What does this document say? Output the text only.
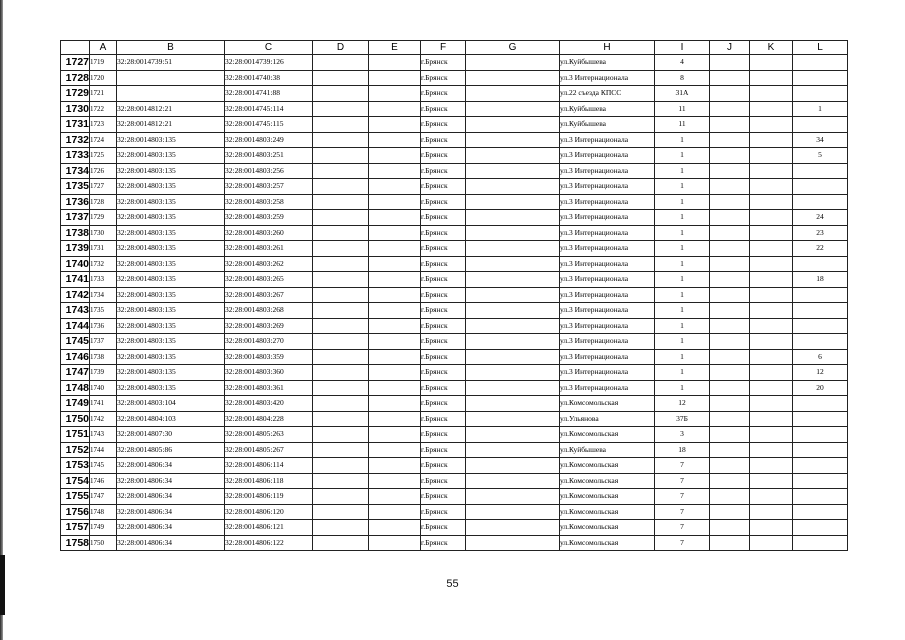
	A	B	C	D	E	F	G	H	I	J	K	L
1727	1719	32:28:0014739:51	32:28:0014739:126			г.Брянск		ул.Куйбышева	4			
1728	1720		32:28:0014740:38			г.Брянск		ул.3 Интернационала	8			
1729	1721		32:28:0014741:88			г.Брянск		ул.22 съезда КПСС	31А			
1730	1722	32:28:0014812:21	32:28:0014745:114			г.Брянск		ул.Куйбышева	11			1
1731	1723	32:28:0014812:21	32:28:0014745:115			г.Брянск		ул.Куйбышева	11			
1732	1724	32:28:0014803:135	32:28:0014803:249			г.Брянск		ул.3 Интернационала	1			34
1733	1725	32:28:0014803:135	32:28:0014803:251			г.Брянск		ул.3 Интернационала	1			5
1734	1726	32:28:0014803:135	32:28:0014803:256			г.Брянск		ул.3 Интернационала	1			
1735	1727	32:28:0014803:135	32:28:0014803:257			г.Брянск		ул.3 Интернационала	1			
1736	1728	32:28:0014803:135	32:28:0014803:258			г.Брянск		ул.3 Интернационала	1			
1737	1729	32:28:0014803:135	32:28:0014803:259			г.Брянск		ул.3 Интернационала	1			24
1738	1730	32:28:0014803:135	32:28:0014803:260			г.Брянск		ул.3 Интернационала	1			23
1739	1731	32:28:0014803:135	32:28:0014803:261			г.Брянск		ул.3 Интернационала	1			22
1740	1732	32:28:0014803:135	32:28:0014803:262			г.Брянск		ул.3 Интернационала	1			
1741	1733	32:28:0014803:135	32:28:0014803:265			г.Брянск		ул.3 Интернационала	1			18
1742	1734	32:28:0014803:135	32:28:0014803:267			г.Брянск		ул.3 Интернационала	1			
1743	1735	32:28:0014803:135	32:28:0014803:268			г.Брянск		ул.3 Интернационала	1			
1744	1736	32:28:0014803:135	32:28:0014803:269			г.Брянск		ул.3 Интернационала	1			
1745	1737	32:28:0014803:135	32:28:0014803:270			г.Брянск		ул.3 Интернационала	1			
1746	1738	32:28:0014803:135	32:28:0014803:359			г.Брянск		ул.3 Интернационала	1			6
1747	1739	32:28:0014803:135	32:28:0014803:360			г.Брянск		ул.3 Интернационала	1			12
1748	1740	32:28:0014803:135	32:28:0014803:361			г.Брянск		ул.3 Интернационала	1			20
1749	1741	32:28:0014803:104	32:28:0014803:420			г.Брянск		ул.Комсомольская	12			
1750	1742	32:28:0014804:103	32:28:0014804:228			г.Брянск		ул.Ульянова	37Б			
1751	1743	32:28:0014807:30	32:28:0014805:263			г.Брянск		ул.Комсомольская	3			
1752	1744	32:28:0014805:86	32:28:0014805:267			г.Брянск		ул.Куйбышева	18			
1753	1745	32:28:0014806:34	32:28:0014806:114			г.Брянск		ул.Комсомольская	7			
1754	1746	32:28:0014806:34	32:28:0014806:118			г.Брянск		ул.Комсомольская	7			
1755	1747	32:28:0014806:34	32:28:0014806:119			г.Брянск		ул.Комсомольская	7			
1756	1748	32:28:0014806:34	32:28:0014806:120			г.Брянск		ул.Комсомольская	7			
1757	1749	32:28:0014806:34	32:28:0014806:121			г.Брянск		ул.Комсомольская	7			
1758	1750	32:28:0014806:34	32:28:0014806:122			г.Брянск		ул.Комсомольская	7			
55
